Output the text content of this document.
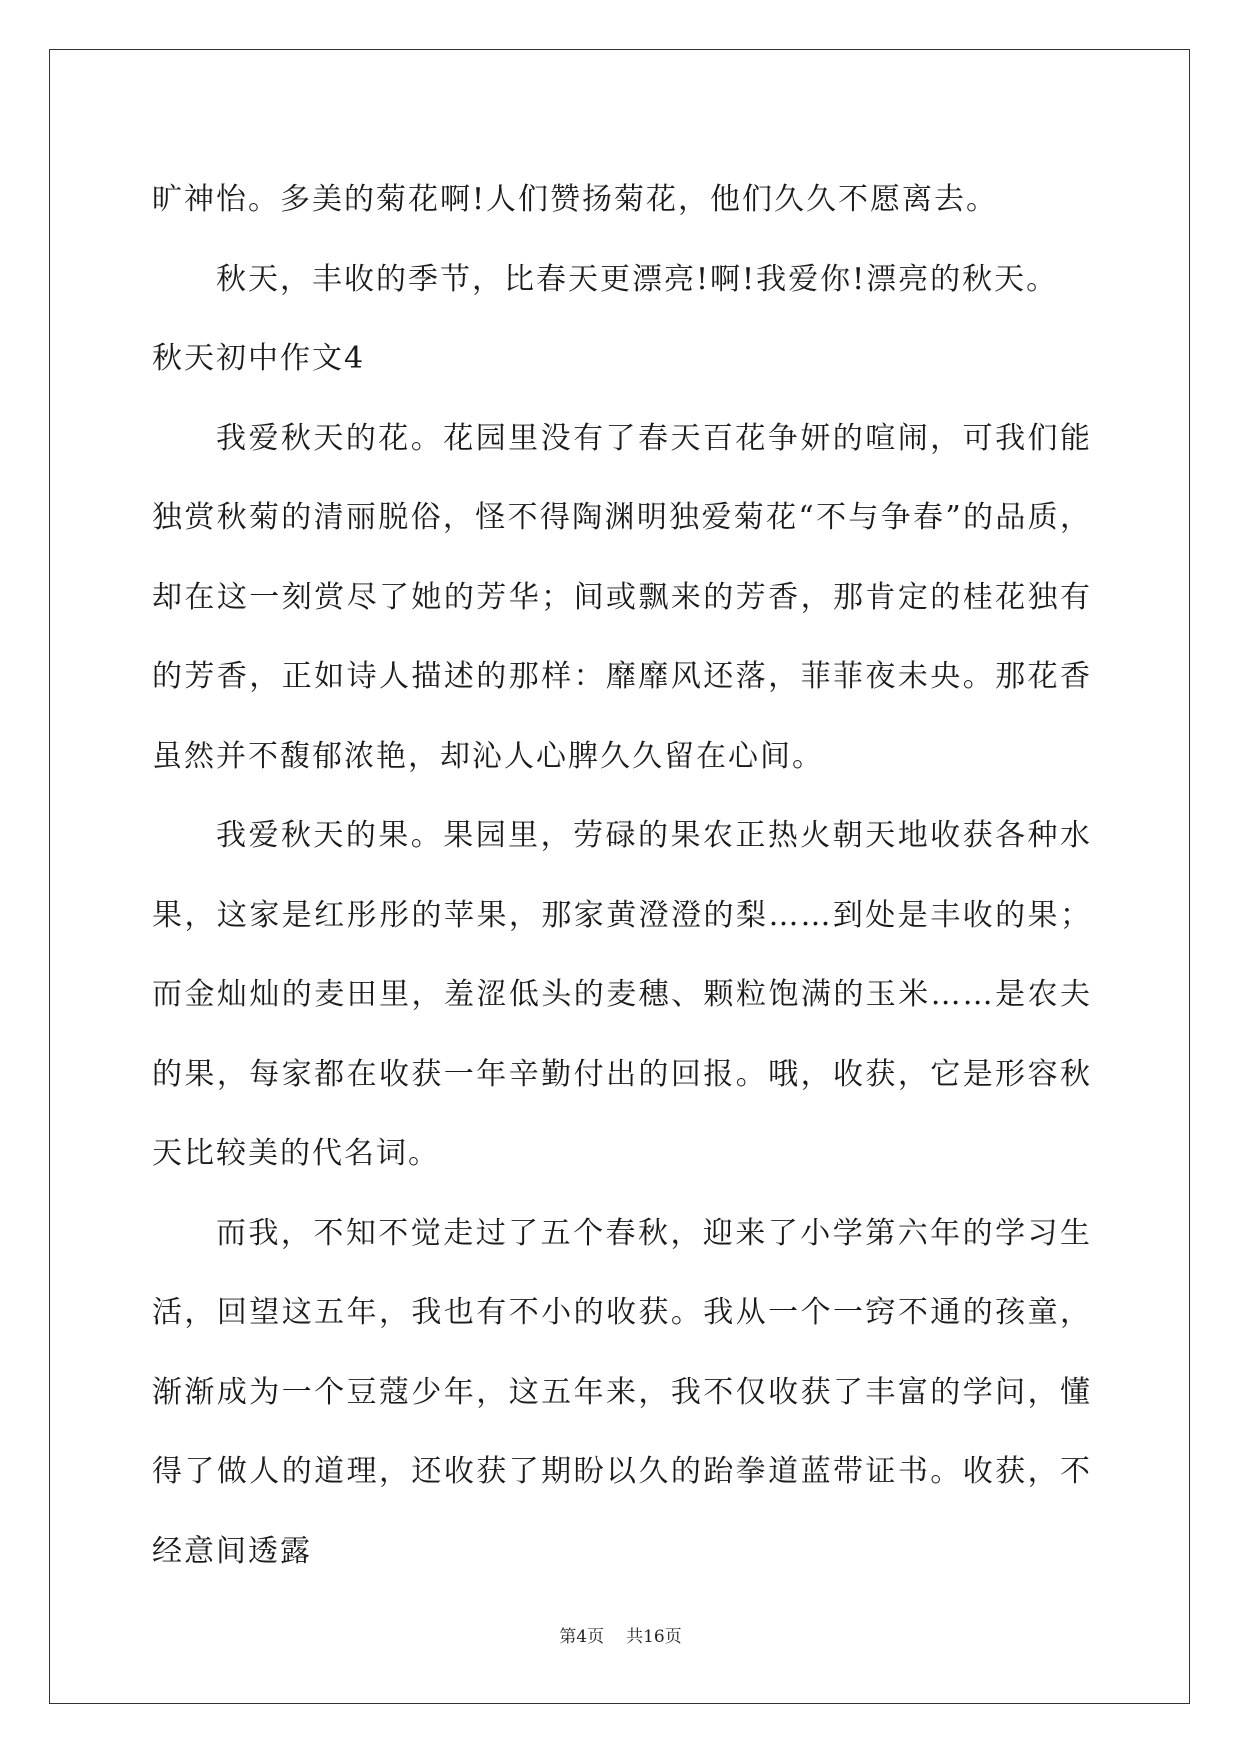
旷神怡。多美的菊花啊!人们赞扬菊花，他们久久不愿离去。

秋天，丰收的季节，比春天更漂亮!啊!我爱你!漂亮的秋天。

秋天初中作文4

我爱秋天的花。花园里没有了春天百花争妍的喧闹，可我们能独赏秋菊的清丽脱俗，怪不得陶渊明独爱菊花“不与争春”的品质，却在这一刻赏尽了她的芳华；间或飘来的芳香，那肯定的桂花独有的芳香，正如诗人描述的那样：靡靡风还落，菲菲夜未央。那花香虽然并不馥郁浓艳，却沁人心脾久久留在心间。

我爱秋天的果。果园里，劳碌的果农正热火朝天地收获各种水果，这家是红彤彤的苹果，那家黄澄澄的梨……到处是丰收的果；而金灿灿的麦田里，羞涩低头的麦穗、颗粒饱满的玉米……是农夫的果，每家都在收获一年辛勤付出的回报。哦，收获，它是形容秋天比较美的代名词。

而我，不知不觉走过了五个春秋，迎来了小学第六年的学习生活，回望这五年，我也有不小的收获。我从一个一窍不通的孩童，渐渐成为一个豆蔻少年，这五年来，我不仅收获了丰富的学问，懂得了做人的道理，还收获了期盼以久的跆拳道蓝带证书。收获，不经意间透露

第4页 共16页
